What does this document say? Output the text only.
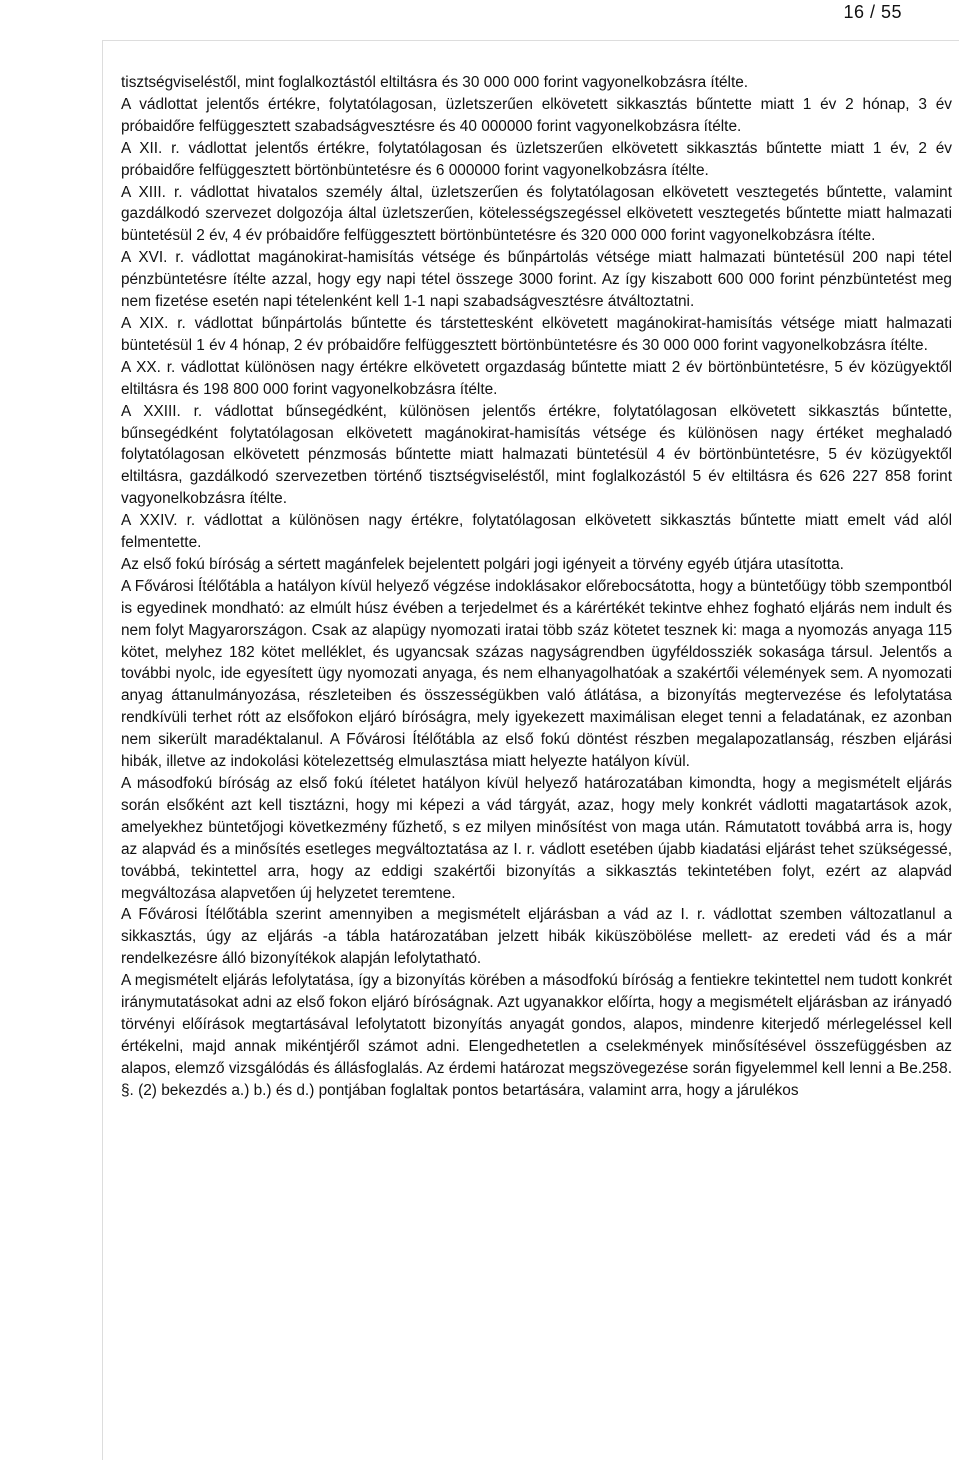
16 / 55

tisztségviseléstől, mint foglalkoztástól eltiltásra és 30 000 000 forint vagyonelkobzásra ítélte.

A vádlottat jelentős értékre, folytatólagosan, üzletszerűen elkövetett sikkasztás bűntette miatt 1 év 2 hónap, 3 év próbaidőre felfüggesztett szabadságvesztésre és 40 000000 forint vagyonelkobzásra ítélte.

A XII. r. vádlottat jelentős értékre, folytatólagosan és üzletszerűen elkövetett sikkasztás bűntette miatt 1 év, 2 év próbaidőre felfüggesztett börtönbüntetésre és 6 000000 forint vagyonelkobzásra ítélte.

A XIII. r. vádlottat hivatalos személy által, üzletszerűen és folytatólagosan elkövetett vesztegetés bűntette, valamint gazdálkodó szervezet dolgozója által üzletszerűen, kötelességszegéssel elkövetett vesztegetés bűntette miatt halmazati büntetésül 2 év, 4 év próbaidőre felfüggesztett börtönbüntetésre és 320 000 000 forint vagyonelkobzásra ítélte.

A XVI. r. vádlottat magánokirat-hamisítás vétsége és bűnpártolás vétsége miatt halmazati büntetésül 200 napi tétel pénzbüntetésre ítélte azzal, hogy egy napi tétel összege 3000 forint. Az így kiszabott 600 000 forint pénzbüntetést meg nem fizetése esetén napi tételenként kell 1-1 napi szabadságvesztésre átváltoztatni.

A XIX. r. vádlottat bűnpártolás bűntette és társtettesként elkövetett magánokirat-hamisítás vétsége miatt halmazati büntetésül 1 év 4 hónap, 2 év próbaidőre felfüggesztett börtönbüntetésre és 30 000 000 forint vagyonelkobzásra ítélte.

A XX. r. vádlottat különösen nagy értékre elkövetett orgazdaság bűntette miatt 2 év börtönbüntetésre, 5 év közügyektől eltiltásra és 198 800 000 forint vagyonelkobzásra ítélte.

A XXIII. r. vádlottat bűnsegédként, különösen jelentős értékre, folytatólagosan elkövetett sikkasztás bűntette, bűnsegédként folytatólagosan elkövetett magánokirat-hamisítás vétsége és különösen nagy értéket meghaladó folytatólagosan elkövetett pénzmosás bűntette miatt halmazati büntetésül 4 év börtönbüntetésre, 5 év közügyektől eltiltásra, gazdálkodó szervezetben történő tisztségviseléstől, mint foglalkozástól 5 év eltiltásra és 626 227 858 forint vagyonelkobzásra ítélte.

A XXIV. r. vádlottat a különösen nagy értékre, folytatólagosan elkövetett sikkasztás bűntette miatt emelt vád alól felmentette.

Az első fokú bíróság a sértett magánfelek bejelentett polgári jogi igényeit a törvény egyéb útjára utasította.

A Fővárosi Ítélőtábla a hatályon kívül helyező végzése indoklásakor előrebocsátotta, hogy a büntetőügy több szempontból is egyedinek mondható: az elmúlt húsz évében a terjedelmet és a kárértékét tekintve ehhez fogható eljárás nem indult és nem folyt Magyarországon. Csak az alapügy nyomozati iratai több száz kötetet tesznek ki: maga a nyomozás anyaga 115 kötet, melyhez 182 kötet melléklet, és ugyancsak százas nagyságrendben ügyféldossziék sokasága társul. Jelentős a további nyolc, ide egyesített ügy nyomozati anyaga, és nem elhanyagolhatóak a szakértői vélemények sem. A nyomozati anyag áttanulmányozása, részleteiben és összességükben való átlátása, a bizonyítás megtervezése és lefolytatása rendkívüli terhet rótt az elsőfokon eljáró bíróságra, mely igyekezett maximálisan eleget tenni a feladatának, ez azonban nem sikerült maradéktalanul. A Fővárosi Ítélőtábla az első fokú döntést részben megalapozatlanság, részben eljárási hibák, illetve az indokolási kötelezettség elmulasztása miatt helyezte hatályon kívül.

A másodfokú bíróság az első fokú ítéletet hatályon kívül helyező határozatában kimondta, hogy a megismételt eljárás során elsőként azt kell tisztázni, hogy mi képezi a vád tárgyát, azaz, hogy mely konkrét vádlotti magatartások azok, amelyekhez büntetőjogi következmény fűzhető, s ez milyen minősítést von maga után. Rámutatott továbbá arra is, hogy az alapvád és a minősítés esetleges megváltoztatása az I. r. vádlott esetében újabb kiadatási eljárást tehet szükségessé, továbbá, tekintettel arra, hogy az eddigi szakértői bizonyítás a sikkasztás tekintetében folyt, ezért az alapvád megváltozása alapvetően új helyzetet teremtene.

A Fővárosi Ítélőtábla szerint amennyiben a megismételt eljárásban a vád az I. r. vádlottat szemben változatlanul a sikkasztás, úgy az eljárás -a tábla határozatában jelzett hibák kiküszöbölése mellett- az eredeti vád és a már rendelkezésre álló bizonyítékok alapján lefolytatható.

A megismételt eljárás lefolytatása, így a bizonyítás körében a másodfokú bíróság a fentiekre tekintettel nem tudott konkrét iránymutatásokat adni az első fokon eljáró bíróságnak. Azt ugyanakkor előírta, hogy a megismételt eljárásban az irányadó törvényi előírások megtartásával lefolytatott bizonyítás anyagát gondos, alapos, mindenre kiterjedő mérlegeléssel kell értékelni, majd annak mikéntjéről számot adni. Elengedhetetlen a cselekmények minősítésével összefüggésben az alapos, elemző vizsgálódás és állásfoglalás. Az érdemi határozat megszövegezése során figyelemmel kell lenni a Be.258. §. (2) bekezdés a.) b.) és d.) pontjában foglaltak pontos betartására, valamint arra, hogy a járulékos
